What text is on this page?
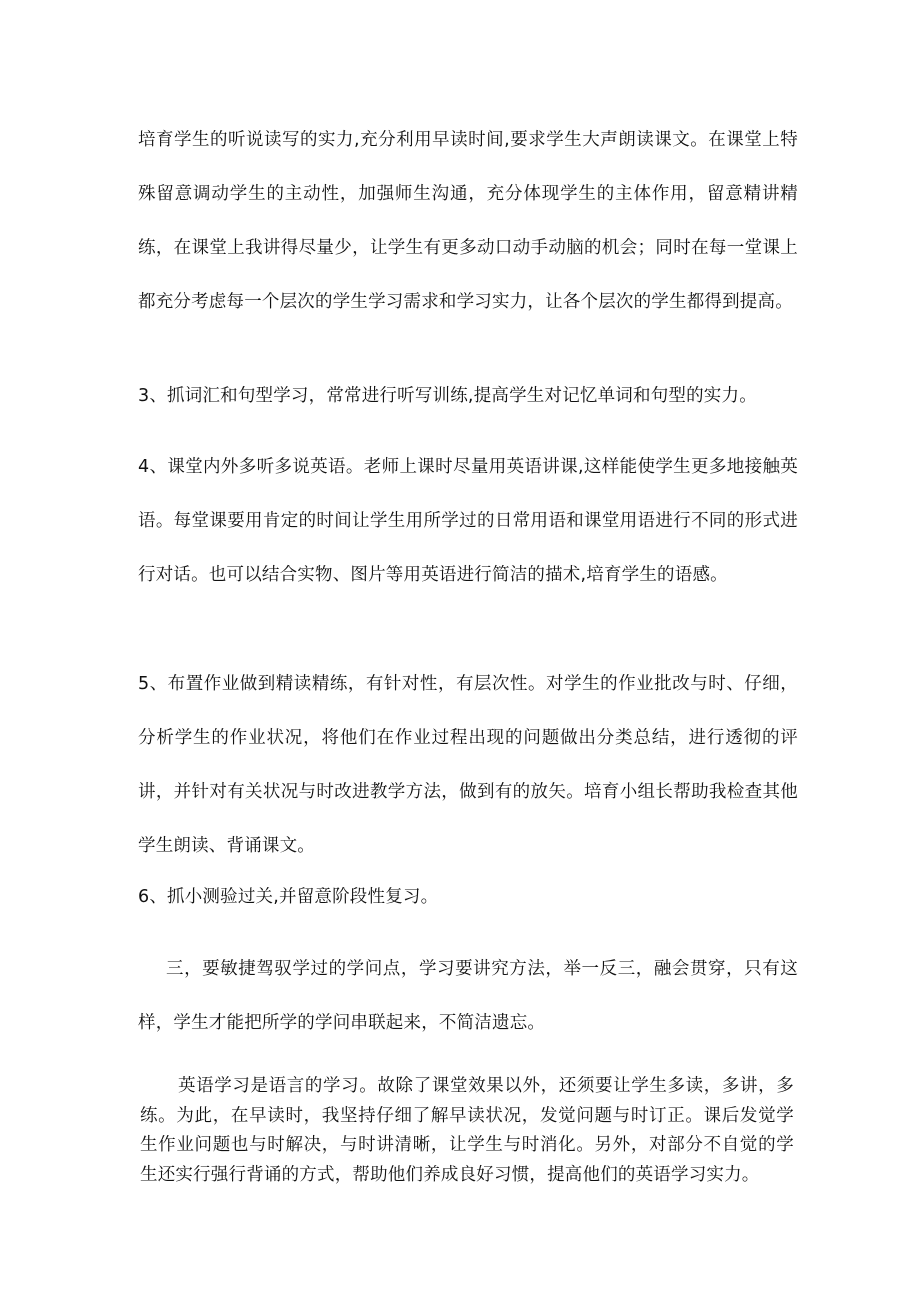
培育学生的听说读写的实力,充分利用早读时间,要求学生大声朗读课文。在课堂上特殊留意调动学生的主动性，加强师生沟通，充分体现学生的主体作用，留意精讲精练，在课堂上我讲得尽量少，让学生有更多动口动手动脑的机会；同时在每一堂课上都充分考虑每一个层次的学生学习需求和学习实力，让各个层次的学生都得到提高。

3、抓词汇和句型学习，常常进行听写训练,提高学生对记忆单词和句型的实力。

4、课堂内外多听多说英语。老师上课时尽量用英语讲课,这样能使学生更多地接触英语。每堂课要用肯定的时间让学生用所学过的日常用语和课堂用语进行不同的形式进行对话。也可以结合实物、图片等用英语进行简洁的描术,培育学生的语感。

5、布置作业做到精读精练，有针对性，有层次性。对学生的作业批改与时、仔细，分析学生的作业状况，将他们在作业过程出现的问题做出分类总结，进行透彻的评讲，并针对有关状况与时改进教学方法，做到有的放矢。培育小组长帮助我检查其他学生朗读、背诵课文。

6、抓小测验过关,并留意阶段性复习。

三，要敏捷驾驭学过的学问点，学习要讲究方法，举一反三，融会贯穿，只有这样，学生才能把所学的学问串联起来，不简洁遗忘。

英语学习是语言的学习。故除了课堂效果以外，还须要让学生多读，多讲，多练。为此，在早读时，我坚持仔细了解早读状况，发觉问题与时订正。课后发觉学生作业问题也与时解决，与时讲清晰，让学生与时消化。另外，对部分不自觉的学生还实行强行背诵的方式，帮助他们养成良好习惯，提高他们的英语学习实力。
